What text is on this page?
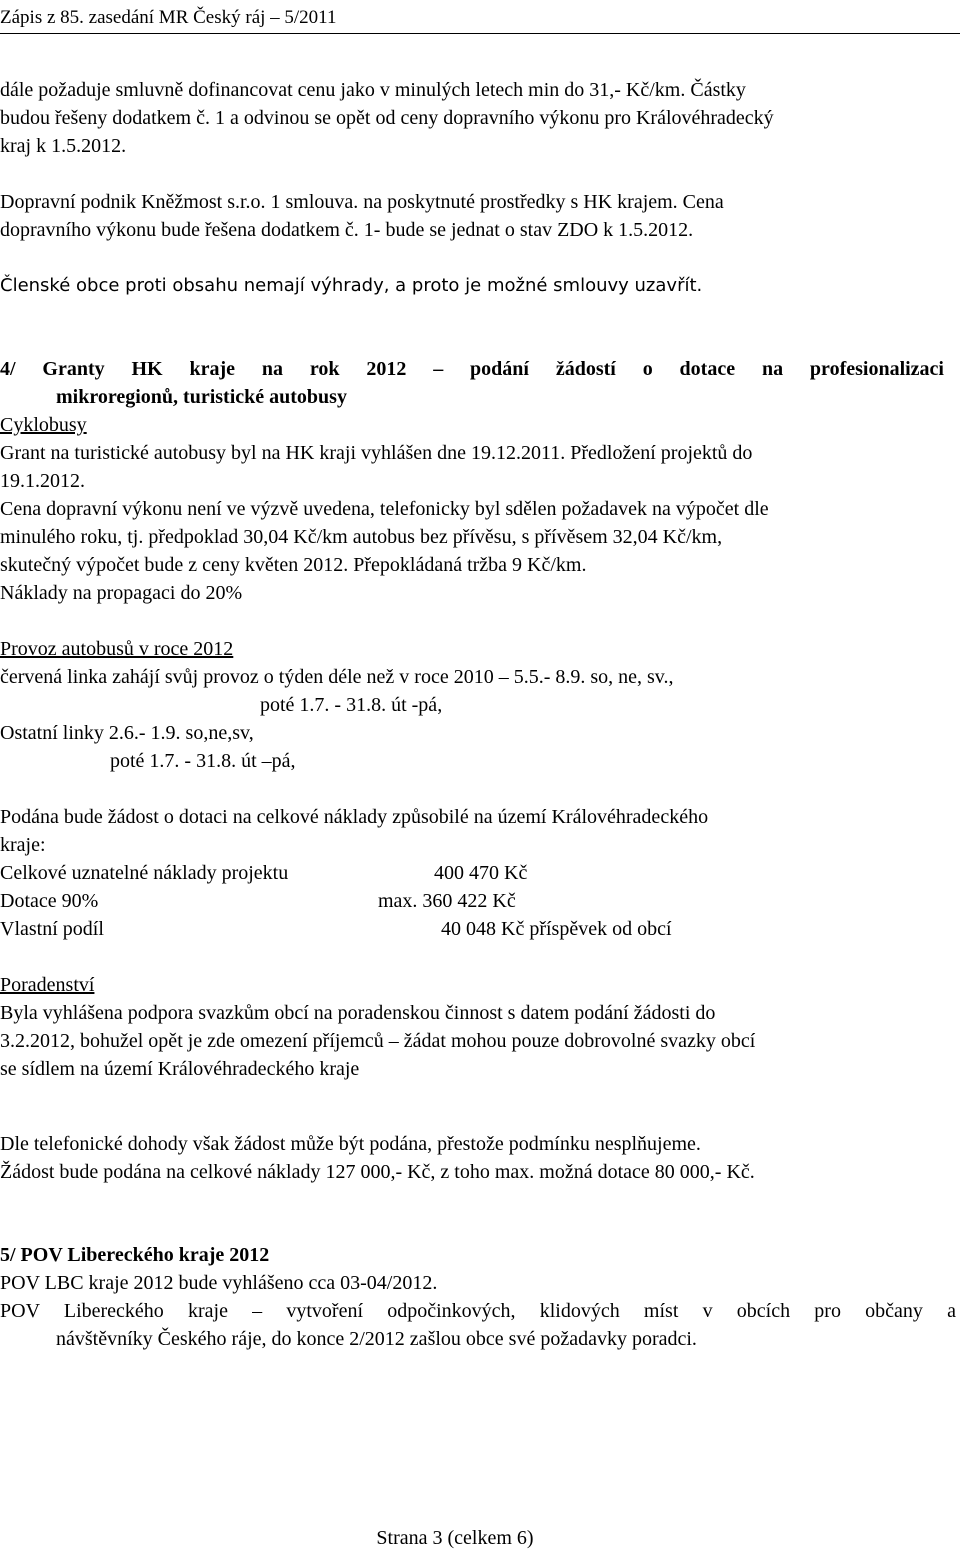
Zápis z 85. zasedání MR Český ráj – 5/2011
dále požaduje smluvně dofinancovat cenu jako v minulých letech min do 31,- Kč/km. Částky
budou řešeny dodatkem č. 1 a odvinou se opět od ceny dopravního výkonu pro Královéhradecký
kraj k 1.5.2012.
Dopravní podnik Kněžmost s.r.o. 1 smlouva. na poskytnuté prostředky s HK krajem. Cena
dopravního výkonu bude řešena dodatkem č. 1- bude se jednat o stav ZDO k 1.5.2012.
Členské obce proti obsahu nemají výhrady, a proto je možné smlouvy uzavřít.
4/ Granty HK kraje na rok 2012 – podání žádostí o dotace na profesionalizaci
mikroregionů, turistické autobusy
Cyklobusy
Grant na turistické autobusy byl na HK kraji vyhlášen dne 19.12.2011. Předložení projektů do
19.1.2012.
Cena dopravní výkonu není ve výzvě uvedena, telefonicky byl sdělen požadavek na výpočet dle
minulého roku, tj. předpoklad 30,04 Kč/km autobus bez přívěsu, s přívěsem 32,04 Kč/km,
skutečný výpočet bude z ceny květen 2012. Přepokládaná tržba 9 Kč/km.
Náklady na propagaci do 20%
Provoz autobusů v roce 2012
červená linka zahájí svůj provoz o týden déle než v roce 2010 – 5.5.- 8.9. so, ne, sv.,
poté 1.7. - 31.8. út -pá,
Ostatní linky 2.6.- 1.9. so,ne,sv,
poté 1.7. - 31.8. út –pá,
Podána bude žádost o dotaci na celkové náklady způsobilé na území Královéhradeckého
kraje:
Celkové uznatelné náklady projektu	400 470 Kč
Dotace 90%	max. 360 422 Kč
Vlastní podíl	40 048 Kč příspěvek od obcí
Poradenství
Byla vyhlášena podpora svazkům obcí na poradenskou činnost s datem podání žádosti do
3.2.2012, bohužel opět je zde omezení příjemců – žádat mohou pouze dobrovolné svazky obcí
se sídlem na území Královéhradeckého kraje
Dle telefonické dohody však žádost může být podána, přestože podmínku nesplňujeme.
Žádost bude podána na celkové náklady 127 000,- Kč, z toho max. možná dotace 80 000,- Kč.
5/ POV Libereckého kraje 2012
POV LBC kraje 2012 bude vyhlášeno cca 03-04/2012.
POV Libereckého kraje – vytvoření odpočinkových, klidových míst v obcích pro občany a
návštěvníky Českého ráje, do konce 2/2012 zašlou obce své požadavky poradci.
Strana 3 (celkem 6)
